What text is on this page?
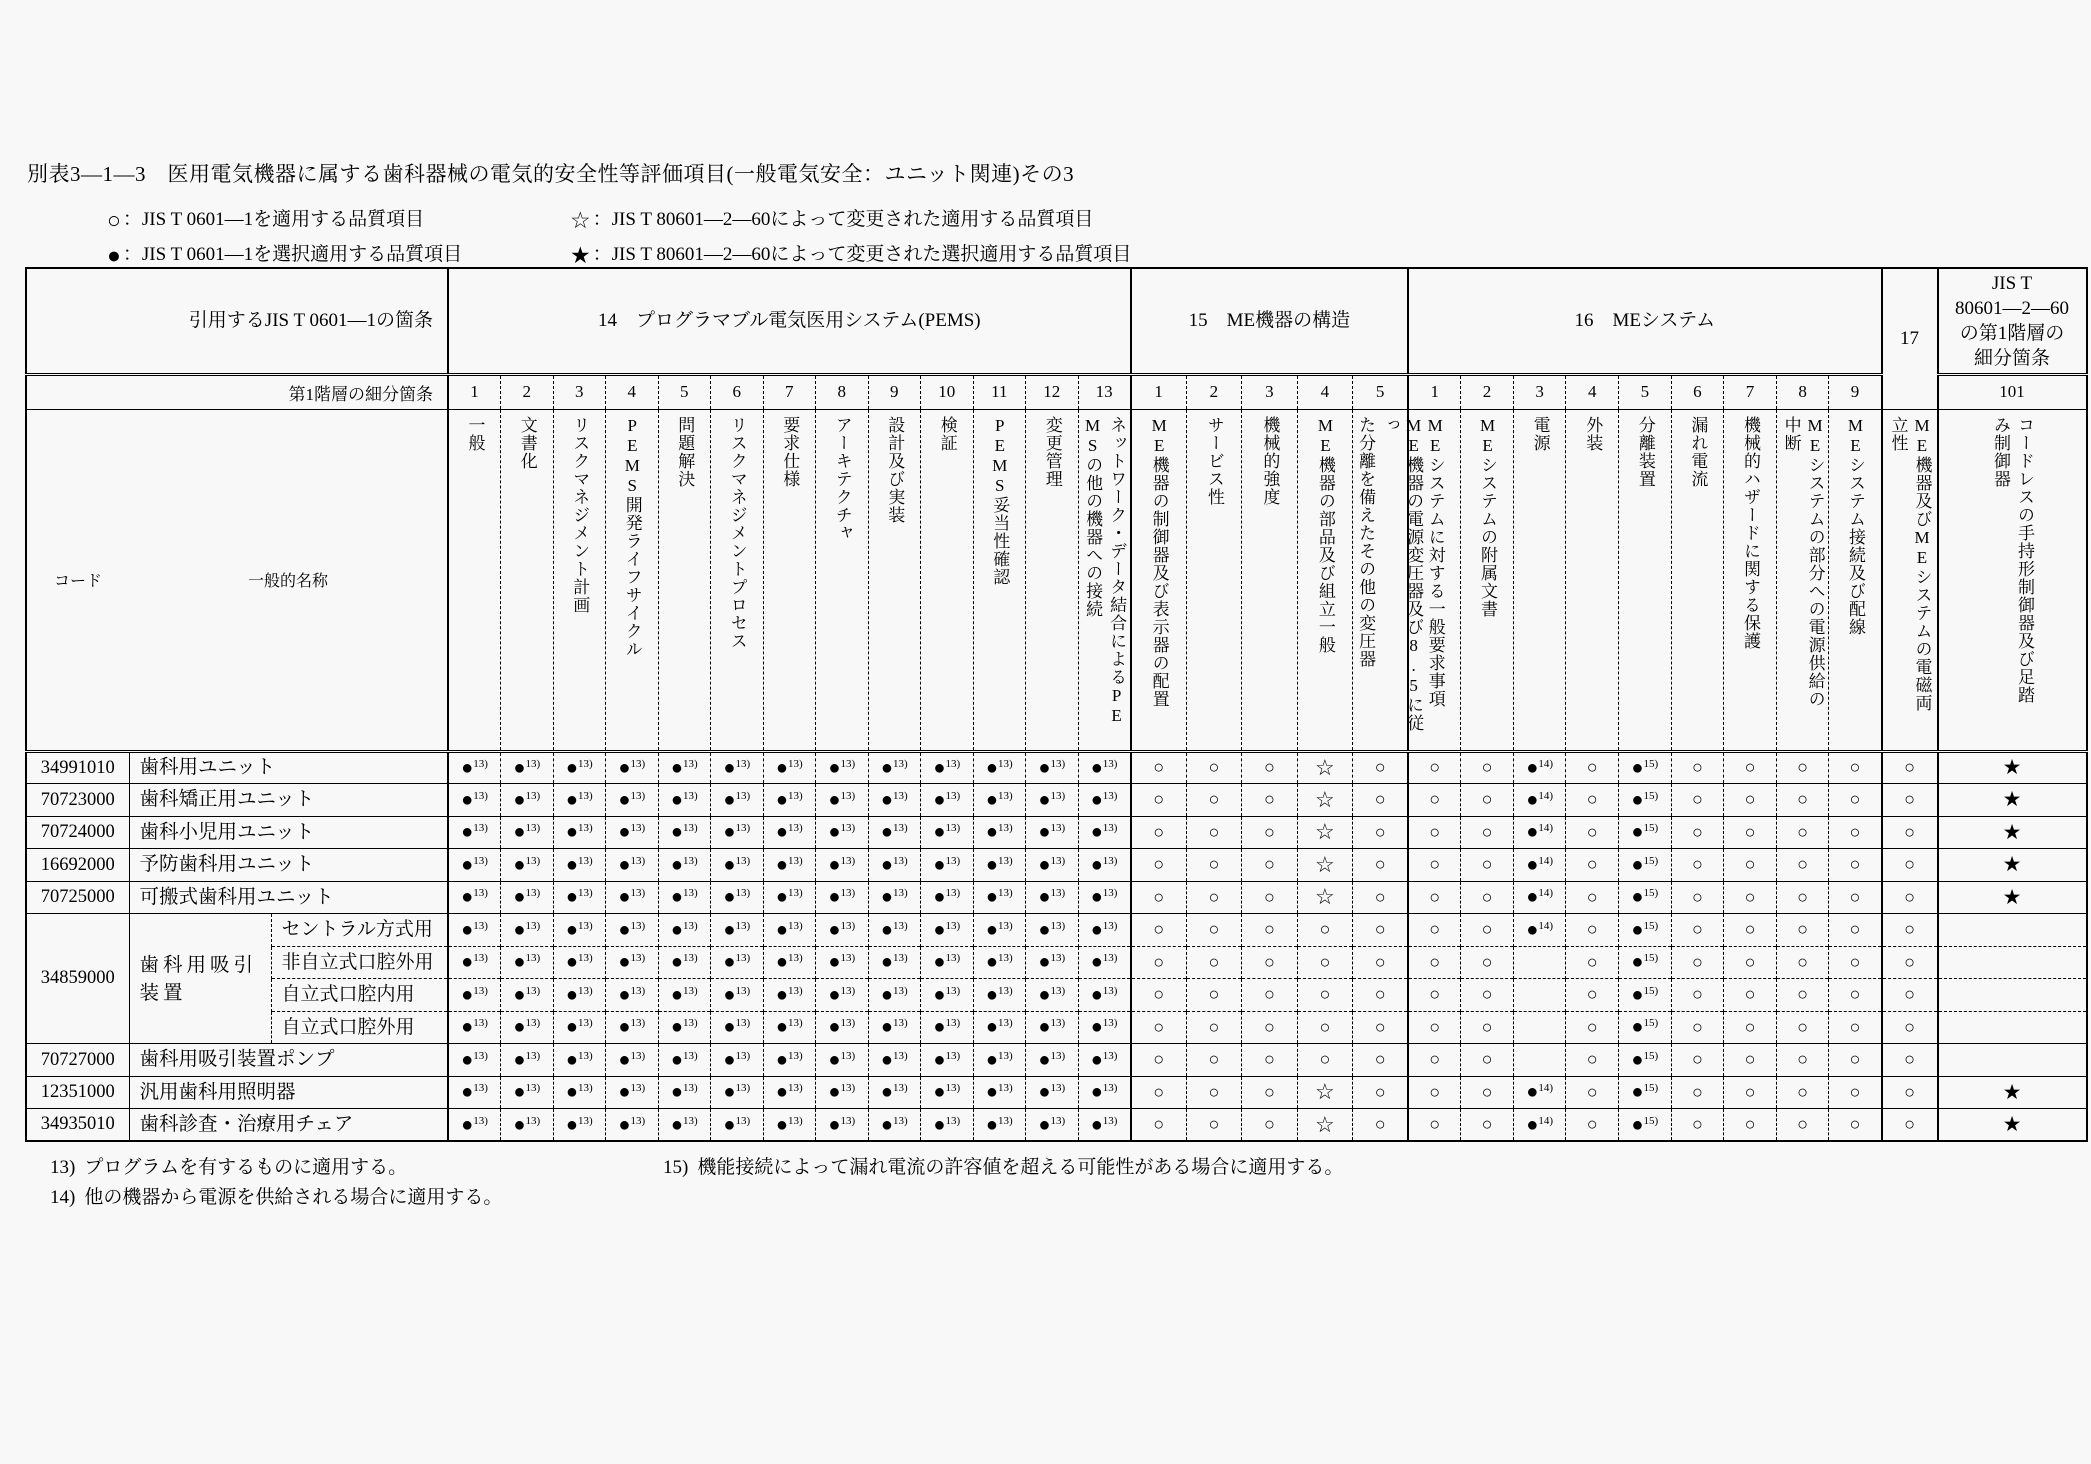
別表3—1—3　医用電気機器に属する歯科器械の電気的安全性等評価項目(一般電気安全：ユニット関連)その3
○ ：JIS T 0601—1を適用する品質項目	☆ ：JIS T 80601—2—60によって変更された適用する品質項目
● ：JIS T 0601—1を選択適用する品質項目	★ ：JIS T 80601—2—60によって変更された選択適用する品質項目
引用するJIS T 0601—1の箇条			14　プログラマブル電気医用システム(PEMS)													15　ME機器の構造					16　MEシステム									17	JIS T
80601—2—60
の第1階層の
細分箇条
第1階層の細分箇条			1	2	3	4	5	6	7	8	9	10	11	12	13	1	2	3	4	5	1	2	3	4	5	6	7	8	9		101
コード	一般的名称		一般	文書化	リスクマネジメント計画	PEMS開発ライフサイクル	問題解決	リスクマネジメントプロセス	要求仕様	アーキテクチャ	設計及び実装	検証	PEMS妥当性確認	変更管理	ネットワーク・データ結合によるPE
MSの他の機器への接続	ME機器の制御器及び表示器の配置	サービス性	機械的強度	ME機器の部品及び組立一般	ME機器の電源変圧器及び8.5に従っ
た分離を備えたその他の変圧器	MEシステムに対する一般要求事項	MEシステムの附属文書	電源	外装	分離装置	漏れ電流	機械的ハザードに関する保護	MEシステムの部分への電源供給の
中断	MEシステム接続及び配線	ME機器及びMEシステムの電磁両
立性	コードレスの手持形制御器及び足踏
み制御器

34991010	歯科用ユニット		●$^{13)}$	●$^{13)}$	●$^{13)}$	●$^{13)}$	●$^{13)}$	●$^{13)}$	●$^{13)}$	●$^{13)}$	●$^{13)}$	●$^{13)}$	●$^{13)}$	●$^{13)}$	●$^{13)}$	○	○	○	☆	○	○	○	●$^{14)}$	○	●$^{15)}$	○	○	○	○	○	★
70723000	歯科矯正用ユニット		●$^{13)}$	●$^{13)}$	●$^{13)}$	●$^{13)}$	●$^{13)}$	●$^{13)}$	●$^{13)}$	●$^{13)}$	●$^{13)}$	●$^{13)}$	●$^{13)}$	●$^{13)}$	●$^{13)}$	○	○	○	☆	○	○	○	●$^{14)}$	○	●$^{15)}$	○	○	○	○	○	★
70724000	歯科小児用ユニット		●$^{13)}$	●$^{13)}$	●$^{13)}$	●$^{13)}$	●$^{13)}$	●$^{13)}$	●$^{13)}$	●$^{13)}$	●$^{13)}$	●$^{13)}$	●$^{13)}$	●$^{13)}$	●$^{13)}$	○	○	○	☆	○	○	○	●$^{14)}$	○	●$^{15)}$	○	○	○	○	○	★
16692000	予防歯科用ユニット		●$^{13)}$	●$^{13)}$	●$^{13)}$	●$^{13)}$	●$^{13)}$	●$^{13)}$	●$^{13)}$	●$^{13)}$	●$^{13)}$	●$^{13)}$	●$^{13)}$	●$^{13)}$	●$^{13)}$	○	○	○	☆	○	○	○	●$^{14)}$	○	●$^{15)}$	○	○	○	○	○	★
70725000	可搬式歯科用ユニット		●$^{13)}$	●$^{13)}$	●$^{13)}$	●$^{13)}$	●$^{13)}$	●$^{13)}$	●$^{13)}$	●$^{13)}$	●$^{13)}$	●$^{13)}$	●$^{13)}$	●$^{13)}$	●$^{13)}$	○	○	○	☆	○	○	○	●$^{14)}$	○	●$^{15)}$	○	○	○	○	○	★
34859000	歯科用吸引装置	セントラル方式用	●$^{13)}$	●$^{13)}$	●$^{13)}$	●$^{13)}$	●$^{13)}$	●$^{13)}$	●$^{13)}$	●$^{13)}$	●$^{13)}$	●$^{13)}$	●$^{13)}$	●$^{13)}$	●$^{13)}$	○	○	○	○	○	○	○	●$^{14)}$	○	●$^{15)}$	○	○	○	○	○	
		非自立式口腔外用	●$^{13)}$	●$^{13)}$	●$^{13)}$	●$^{13)}$	●$^{13)}$	●$^{13)}$	●$^{13)}$	●$^{13)}$	●$^{13)}$	●$^{13)}$	●$^{13)}$	●$^{13)}$	●$^{13)}$	○	○	○	○	○	○	○		○	●$^{15)}$	○	○	○	○	○	
		自立式口腔内用	●$^{13)}$	●$^{13)}$	●$^{13)}$	●$^{13)}$	●$^{13)}$	●$^{13)}$	●$^{13)}$	●$^{13)}$	●$^{13)}$	●$^{13)}$	●$^{13)}$	●$^{13)}$	●$^{13)}$	○	○	○	○	○	○	○		○	●$^{15)}$	○	○	○	○	○	
		自立式口腔外用	●$^{13)}$	●$^{13)}$	●$^{13)}$	●$^{13)}$	●$^{13)}$	●$^{13)}$	●$^{13)}$	●$^{13)}$	●$^{13)}$	●$^{13)}$	●$^{13)}$	●$^{13)}$	●$^{13)}$	○	○	○	○	○	○	○		○	●$^{15)}$	○	○	○	○	○	
70727000	歯科用吸引装置ポンプ		●$^{13)}$	●$^{13)}$	●$^{13)}$	●$^{13)}$	●$^{13)}$	●$^{13)}$	●$^{13)}$	●$^{13)}$	●$^{13)}$	●$^{13)}$	●$^{13)}$	●$^{13)}$	●$^{13)}$	○	○	○	○	○	○	○		○	●$^{15)}$	○	○	○	○	○	
12351000	汎用歯科用照明器		●$^{13)}$	●$^{13)}$	●$^{13)}$	●$^{13)}$	●$^{13)}$	●$^{13)}$	●$^{13)}$	●$^{13)}$	●$^{13)}$	●$^{13)}$	●$^{13)}$	●$^{13)}$	●$^{13)}$	○	○	○	☆	○	○	○	●$^{14)}$	○	●$^{15)}$	○	○	○	○	○	★
34935010	歯科診査・治療用チェア		●$^{13)}$	●$^{13)}$	●$^{13)}$	●$^{13)}$	●$^{13)}$	●$^{13)}$	●$^{13)}$	●$^{13)}$	●$^{13)}$	●$^{13)}$	●$^{13)}$	●$^{13)}$	●$^{13)}$	○	○	○	☆	○	○	○	●$^{14)}$	○	●$^{15)}$	○	○	○	○	○	★
13) プログラムを有するものに適用する。
14) 他の機器から電源を供給される場合に適用する。
15) 機能接続によって漏れ電流の許容値を超える可能性がある場合に適用する。
